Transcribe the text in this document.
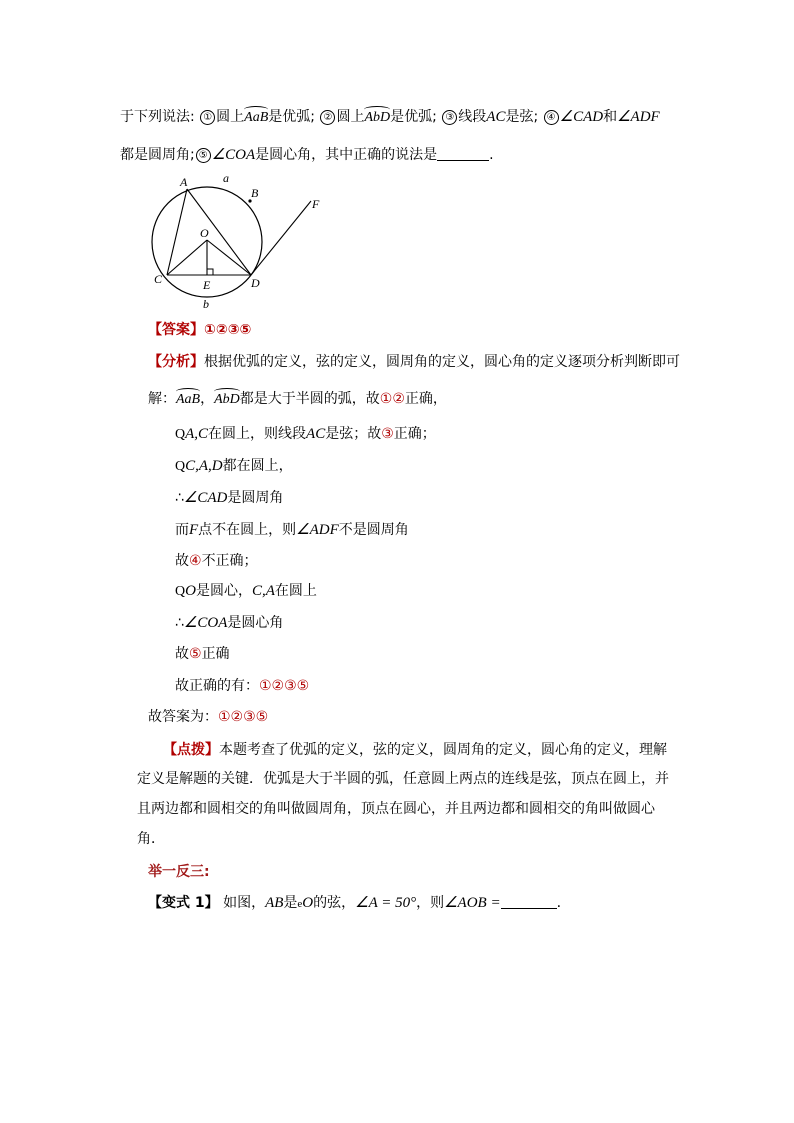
于下列说法: ① 圆上AaB是优弧; ② 圆上AbD是优弧; ③ 线段AC是弦; ④ ∠CAD和∠ADF
都是圆周角; ⑤ ∠COA是圆心角，其中正确的说法是	.
A	a
B
F
O
C	E	D
b
【答案】①②③⑤
【分析】根据优弧的定义，弦的定义，圆周角的定义，圆心角的定义逐项分析判断即可
解：AaB，AbD都是大于半圆的弧，故①②正确，
QA,C在圆上，则线段AC是弦；故③正确；
QC,A,D都在圆上，
∴∠CAD是圆周角
而F点不在圆上，则∠ADF不是圆周角
故④不正确；
QO是圆心，C,A在圆上
∴∠COA是圆心角
故⑤正确
故正确的有：①②③⑤
故答案为：①②③⑤
【点拨】本题考查了优弧的定义，弦的定义，圆周角的定义，圆心角的定义，理解
定义是解题的关键．优弧是大于半圆的弧，任意圆上两点的连线是弦，顶点在圆上，并
且两边都和圆相交的角叫做圆周角，顶点在圆心，并且两边都和圆相交的角叫做圆心
角．
举一反三:
【变式 1】 如图，AB是eO的弦，∠A = 50°，则∠AOB =	.
